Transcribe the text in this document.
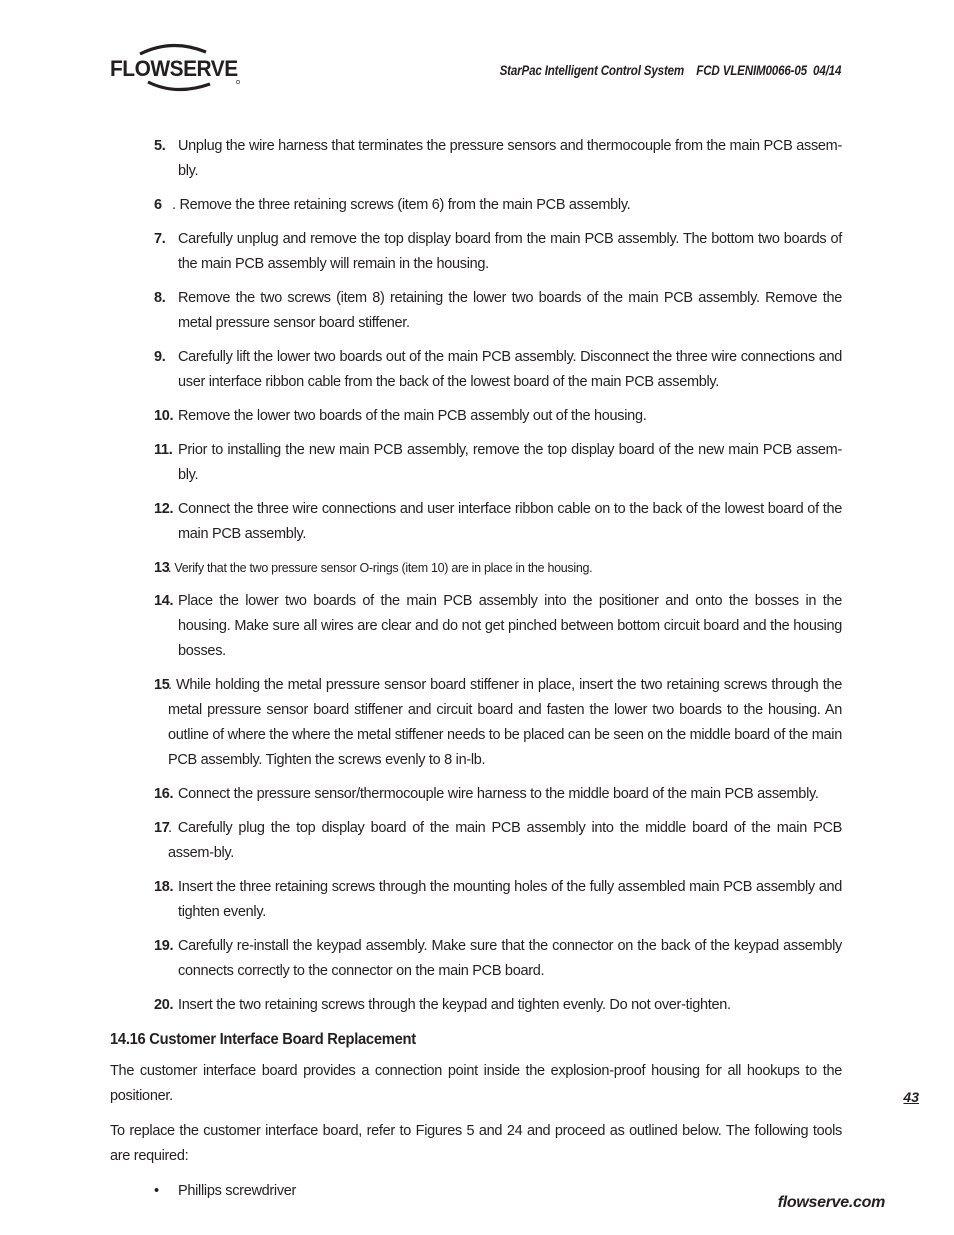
FLOWSERVE	StarPac Intelligent Control System    FCD VLENIM0066-05  04/14
5. Unplug the wire harness that terminates the pressure sensors and thermocouple from the main PCB assem-bly.
6 . Remove the three retaining screws (item 6) from the main PCB assembly.
7. Carefully unplug and remove the top display board from the main PCB assembly. The bottom two boards of the main PCB assembly will remain in the housing.
8. Remove the two screws (item 8) retaining the lower two boards of the main PCB assembly. Remove the metal pressure sensor board stiffener.
9. Carefully lift the lower two boards out of the main PCB assembly. Disconnect the three wire connections and user interface ribbon cable from the back of the lowest board of the main PCB assembly.
10. Remove the lower two boards of the main PCB assembly out of the housing.
11. Prior to installing the new main PCB assembly, remove the top display board of the new main PCB assem-bly.
12. Connect the three wire connections and user interface ribbon cable on to the back of the lowest board of the main PCB assembly.
13
. Verify that the two pressure sensor O-rings (item 10) are in place in the housing.
14. Place the lower two boards of the main PCB assembly into the positioner and onto the bosses in the housing. Make sure all wires are clear and do not get pinched between bottom circuit board and the housing bosses.
15
. While holding the metal pressure sensor board stiffener in place, insert the two retaining screws through the metal pressure sensor board stiffener and circuit board and fasten the lower two boards to the housing. An outline of where the where the metal stiffener needs to be placed can be seen on the middle board of the main PCB assembly. Tighten the screws evenly to 8 in-lb.
16. Connect the pressure sensor/thermocouple wire harness to the middle board of the main PCB assembly.
17
. Carefully plug the top display board of the main PCB assembly into the middle board of the main PCB assem-bly.
18. Insert the three retaining screws through the mounting holes of the fully assembled main PCB assembly and tighten evenly.
19. Carefully re-install the keypad assembly. Make sure that the connector on the back of the keypad assembly connects correctly to the connector on the main PCB board.
20. Insert the two retaining screws through the keypad and tighten evenly. Do not over-tighten.
14.16 Customer Interface Board Replacement
The customer interface board provides a connection point inside the explosion-proof housing for all hookups to the positioner.
To replace the customer interface board, refer to Figures 5 and 24 and proceed as outlined below. The following tools are required:
•	Phillips screwdriver
43
flowserve.com
